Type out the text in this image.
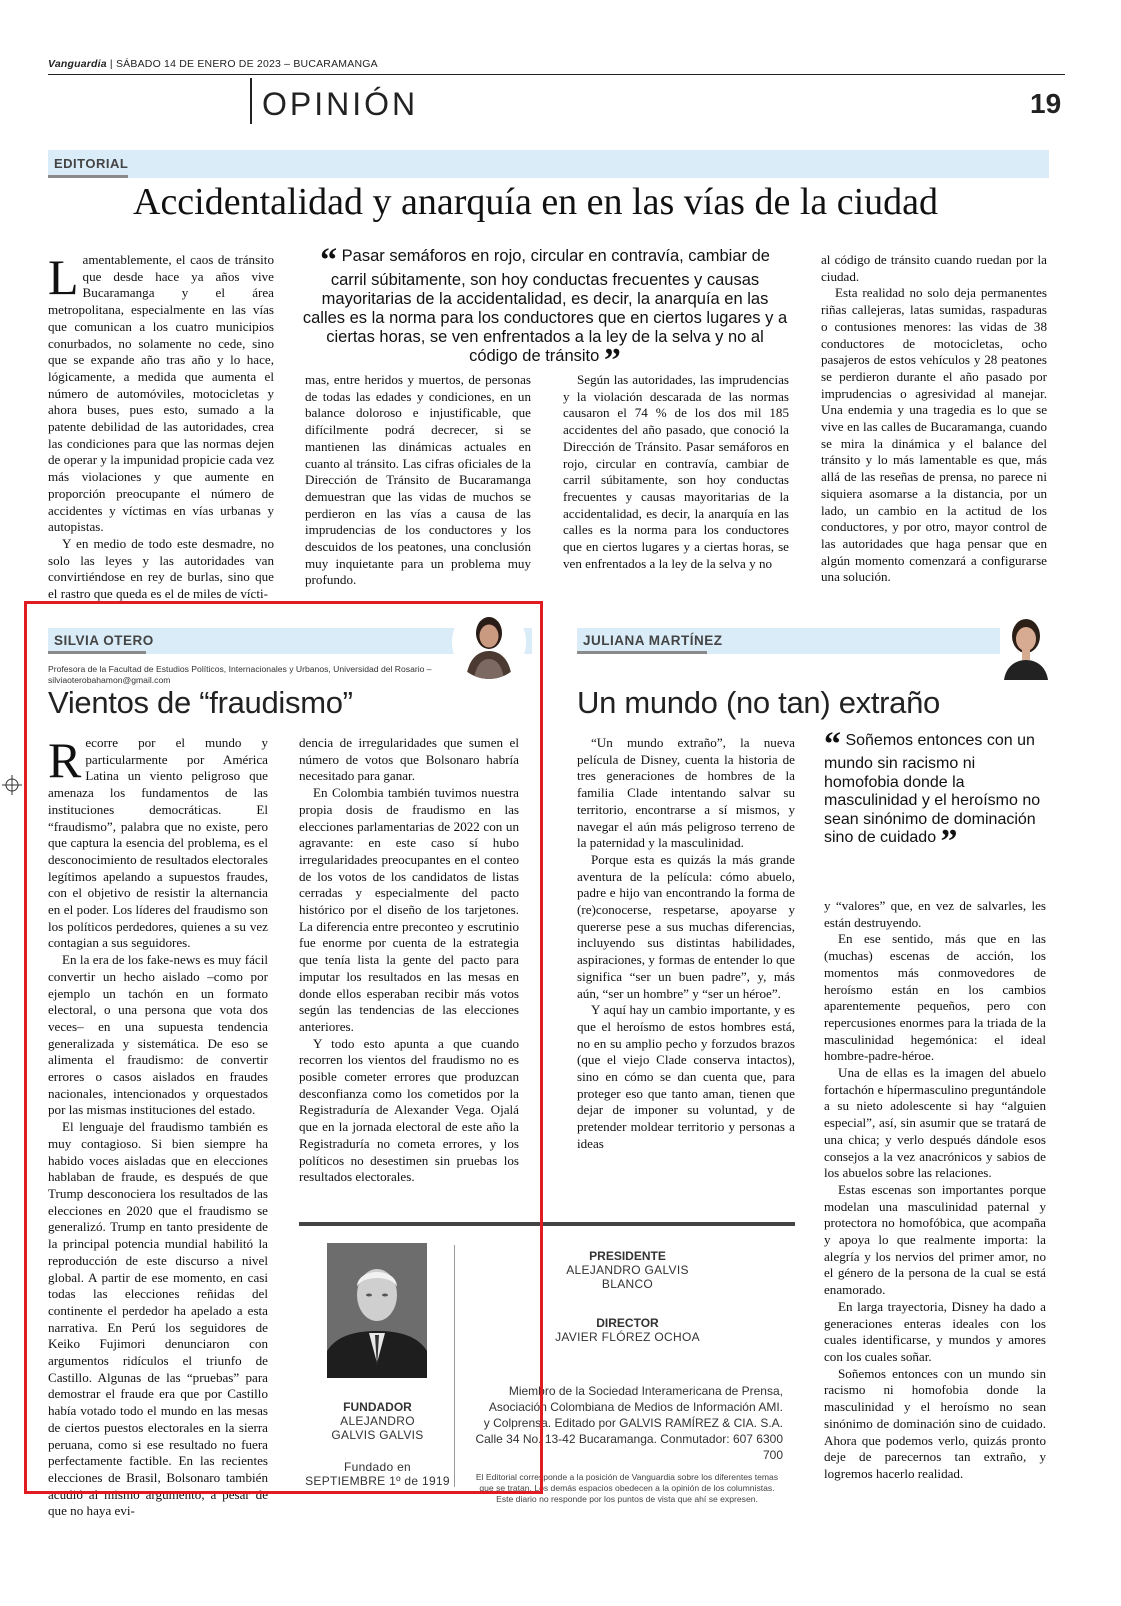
Vanguardia | SÁBADO 14 DE ENERO DE 2023 – BUCARAMANGA
OPINIÓN	19
EDITORIAL
Accidentalidad y anarquía en en las vías de la ciudad

Lamentablemente, el caos de tránsito que desde hace ya años vive Bucaramanga y el área metropolitana, especialmente en las vías que comunican a los cuatro municipios conurbados, no solamente no cede, sino que se expande año tras año y lo hace, lógicamente, a medida que aumenta el número de automóviles, motocicletas y ahora buses, pues esto, sumado a la patente debilidad de las autoridades, crea las condiciones para que las normas dejen de operar y la impunidad propicie cada vez más violaciones y que aumente en proporción preocupante el número de accidentes y víctimas en vías urbanas y autopistas.

Y en medio de todo este desmadre, no solo las leyes y las autoridades van convirtiéndose en rey de burlas, sino que el rastro que queda es el de miles de vícti-

“ Pasar semáforos en rojo, circular en contravía, cambiar de carril súbitamente, son hoy conductas frecuentes y causas mayoritarias de la accidentalidad, es decir, la anarquía en las calles es la norma para los conductores que en ciertos lugares y a ciertas horas, se ven enfrentados a la ley de la selva y no al código de tránsito ”

mas, entre heridos y muertos, de personas de todas las edades y condiciones, en un balance doloroso e injustificable, que difícilmente podrá decrecer, si se mantienen las dinámicas actuales en cuanto al tránsito. Las cifras oficiales de la Dirección de Tránsito de Bucaramanga demuestran que las vidas de muchos se perdieron en las vías a causa de las imprudencias de los conductores y los descuidos de los peatones, una conclusión muy inquietante para un problema muy profundo.

Según las autoridades, las imprudencias y la violación descarada de las normas causaron el 74 % de los dos mil 185 accidentes del año pasado, que conoció la Dirección de Tránsito. Pasar semáforos en rojo, circular en contravía, cambiar de carril súbitamente, son hoy conductas frecuentes y causas mayoritarias de la accidentalidad, es decir, la anarquía en las calles es la norma para los conductores que en ciertos lugares y a ciertas horas, se ven enfrentados a la ley de la selva y no

al código de tránsito cuando ruedan por la ciudad.

Esta realidad no solo deja permanentes riñas callejeras, latas sumidas, raspaduras o contusiones menores: las vidas de 38 conductores de motocicletas, ocho pasajeros de estos vehículos y 28 peatones se perdieron durante el año pasado por imprudencias o agresividad al manejar. Una endemia y una tragedia es lo que se vive en las calles de Bucaramanga, cuando se mira la dinámica y el balance del tránsito y lo más lamentable es que, más allá de las reseñas de prensa, no parece ni siquiera asomarse a la distancia, por un lado, un cambio en la actitud de los conductores, y por otro, mayor control de las autoridades que haga pensar que en algún momento comenzará a configurarse una solución.

SILVIA OTERO
Profesora de la Facultad de Estudios Políticos, Internacionales y Urbanos, Universidad del Rosario – silviaoterobahamon@gmail.com
Vientos de “fraudismo”

Recorre por el mundo y particularmente por América Latina un viento peligroso que amenaza los fundamentos de las instituciones democráticas. El “fraudismo”, palabra que no existe, pero que captura la esencia del problema, es el desconocimiento de resultados electorales legítimos apelando a supuestos fraudes, con el objetivo de resistir la alternancia en el poder. Los líderes del fraudismo son los políticos perdedores, quienes a su vez contagian a sus seguidores.

En la era de los fake-news es muy fácil convertir un hecho aislado –como por ejemplo un tachón en un formato electoral, o una persona que vota dos veces– en una supuesta tendencia generalizada y sistemática. De eso se alimenta el fraudismo: de convertir errores o casos aislados en fraudes nacionales, intencionados y orquestados por las mismas instituciones del estado.

El lenguaje del fraudismo también es muy contagioso. Si bien siempre ha habido voces aisladas que en elecciones hablaban de fraude, es después de que Trump desconociera los resultados de las elecciones en 2020 que el fraudismo se generalizó. Trump en tanto presidente de la principal potencia mundial habilitó la reproducción de este discurso a nivel global. A partir de ese momento, en casi todas las elecciones reñidas del continente el perdedor ha apelado a esta narrativa. En Perú los seguidores de Keiko Fujimori denunciaron con argumentos ridículos el triunfo de Castillo. Algunas de las “pruebas” para demostrar el fraude era que por Castillo había votado todo el mundo en las mesas de ciertos puestos electorales en la sierra peruana, como si ese resultado no fuera perfectamente factible. En las recientes elecciones de Brasil, Bolsonaro también acudió al mismo argumento, a pesar de que no haya evi-

dencia de irregularidades que sumen el número de votos que Bolsonaro habría necesitado para ganar.

En Colombia también tuvimos nuestra propia dosis de fraudismo en las elecciones parlamentarias de 2022 con un agravante: en este caso sí hubo irregularidades preocupantes en el conteo de los votos de los candidatos de listas cerradas y especialmente del pacto histórico por el diseño de los tarjetones. La diferencia entre preconteo y escrutinio fue enorme por cuenta de la estrategia que tenía lista la gente del pacto para imputar los resultados en las mesas en donde ellos esperaban recibir más votos según las tendencias de las elecciones anteriores.

Y todo esto apunta a que cuando recorren los vientos del fraudismo no es posible cometer errores que produzcan desconfianza como los cometidos por la Registraduría de Alexander Vega. Ojalá que en la jornada electoral de este año la Registraduría no cometa errores, y los políticos no desestimen sin pruebas los resultados electorales.

FUNDADOR
ALEJANDRO
GALVIS GALVIS
Fundado en
SEPTIEMBRE 1º de 1919
PRESIDENTE
ALEJANDRO GALVIS BLANCO
DIRECTOR
JAVIER FLÓREZ OCHOA
Miembro de la Sociedad Interamericana de Prensa,
Asociación Colombiana de Medios de Información AMI.
y Colprensa. Editado por GALVIS RAMÍREZ & CIA. S.A.
Calle 34 No. 13-42 Bucaramanga. Conmutador: 607 6300 700
El Editorial corresponde a la posición de Vanguardia sobre los diferentes temas
que se tratan. Los demás espacios obedecen a la opinión de los columnistas.
Este diario no responde por los puntos de vista que ahí se expresen.
JULIANA MARTÍNEZ
Un mundo (no tan) extraño

“Un mundo extraño”, la nueva película de Disney, cuenta la historia de tres generaciones de hombres de la familia Clade intentando salvar su territorio, encontrarse a sí mismos, y navegar el aún más peligroso terreno de la paternidad y la masculinidad.

Porque esta es quizás la más grande aventura de la película: cómo abuelo, padre e hijo van encontrando la forma de (re)conocerse, respetarse, apoyarse y quererse pese a sus muchas diferencias, incluyendo sus distintas habilidades, aspiraciones, y formas de entender lo que significa “ser un buen padre”, y, más aún, “ser un hombre” y “ser un héroe”.

Y aquí hay un cambio importante, y es que el heroísmo de estos hombres está, no en su amplio pecho y forzudos brazos (que el viejo Clade conserva intactos), sino en cómo se dan cuenta que, para proteger eso que tanto aman, tienen que dejar de imponer su voluntad, y de pretender moldear territorio y personas a ideas

“ Soñemos entonces con un mundo sin racismo ni homofobia donde la masculinidad y el heroísmo no sean sinónimo de dominación sino de cuidado ”

y “valores” que, en vez de salvarles, les están destruyendo.

En ese sentido, más que en las (muchas) escenas de acción, los momentos más conmovedores de heroísmo están en los cambios aparentemente pequeños, pero con repercusiones enormes para la triada de la masculinidad hegemónica: el ideal hombre-padre-héroe.

Una de ellas es la imagen del abuelo fortachón e hípermasculino preguntándole a su nieto adolescente si hay “alguien especial”, así, sin asumir que se tratará de una chica; y verlo después dándole esos consejos a la vez anacrónicos y sabios de los abuelos sobre las relaciones.

Estas escenas son importantes porque modelan una masculinidad paternal y protectora no homofóbica, que acompaña y apoya lo que realmente importa: la alegría y los nervios del primer amor, no el género de la persona de la cual se está enamorado.

En larga trayectoria, Disney ha dado a generaciones enteras ideales con los cuales identificarse, y mundos y amores con los cuales soñar.

Soñemos entonces con un mundo sin racismo ni homofobia donde la masculinidad y el heroísmo no sean sinónimo de dominación sino de cuidado. Ahora que podemos verlo, quizás pronto deje de parecernos tan extraño, y logremos hacerlo realidad.
